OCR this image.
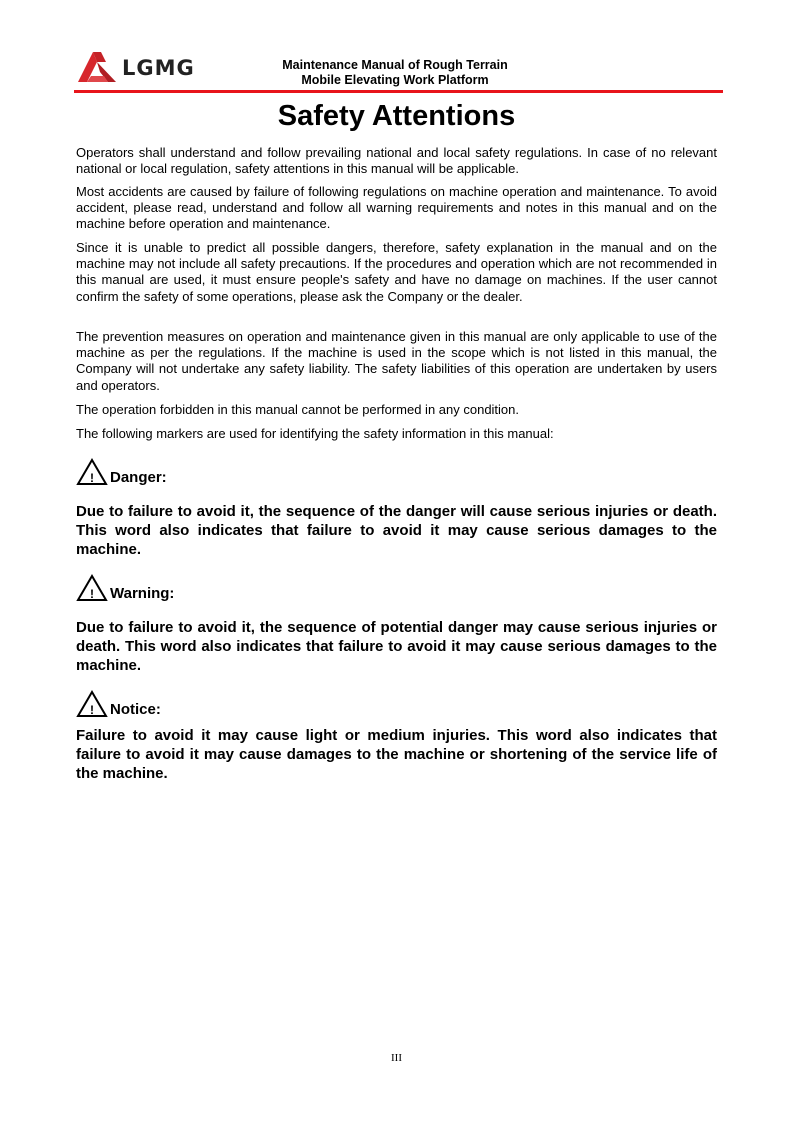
LGMG	Maintenance Manual of Rough Terrain
Mobile Elevating Work Platform
Safety Attentions
Operators shall understand and follow prevailing national and local safety regulations. In case of no relevant national or local regulation, safety attentions in this manual will be applicable.
Most accidents are caused by failure of following regulations on machine operation and maintenance. To avoid accident, please read, understand and follow all warning requirements and notes in this manual and on the machine before operation and maintenance.
Since it is unable to predict all possible dangers, therefore, safety explanation in the manual and on the machine may not include all safety precautions. If the procedures and operation which are not recommended in this manual are used, it must ensure people's safety and have no damage on machines. If the user cannot confirm the safety of some operations, please ask the Company or the dealer.
The prevention measures on operation and maintenance given in this manual are only applicable to use of the machine as per the regulations. If the machine is used in the scope which is not listed in this manual, the Company will not undertake any safety liability. The safety liabilities of this operation are undertaken by users and operators.
The operation forbidden in this manual cannot be performed in any condition.
The following markers are used for identifying the safety information in this manual:
! Danger:
Due to failure to avoid it, the sequence of the danger will cause serious injuries or death. This word also indicates that failure to avoid it may cause serious damages to the machine.
! Warning:
Due to failure to avoid it, the sequence of potential danger may cause serious injuries or death. This word also indicates that failure to avoid it may cause serious damages to the machine.
! Notice:
Failure to avoid it may cause light or medium injuries. This word also indicates that failure to avoid it may cause damages to the machine or shortening of the service life of the machine.
III
